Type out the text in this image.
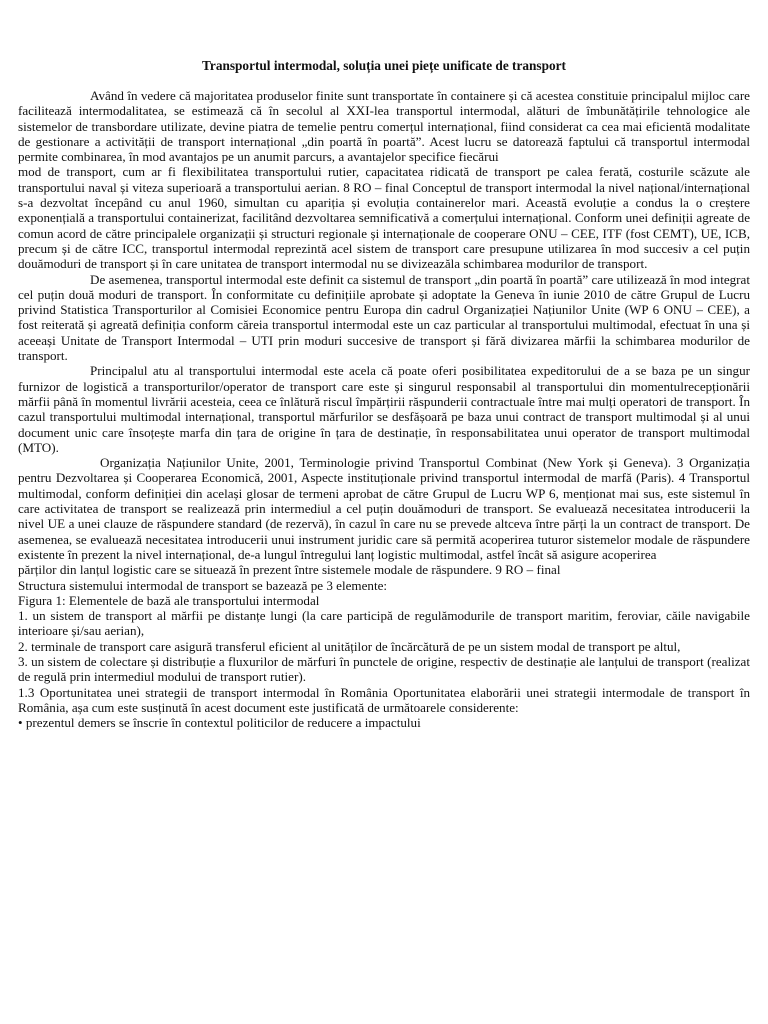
Transportul intermodal, soluția unei piețe unificate de transport

Având în vedere că majoritatea produselor finite sunt transportate în containere și că acestea constituie principalul mijloc care facilitează intermodalitatea, se estimează că în secolul al XXI-lea transportul intermodal, alături de îmbunătățirile tehnologice ale sistemelor de transbordare utilizate, devine piatra de temelie pentru comerțul internațional, fiind considerat ca cea mai eficientă modalitate de gestionare a activității de transport internațional „din poartă în poartă”. Acest lucru se datorează faptului că transportul intermodal permite combinarea, în mod avantajos pe un anumit parcurs, a avantajelor specifice fiecărui

mod de transport, cum ar fi flexibilitatea transportului rutier, capacitatea ridicată de transport pe calea ferată, costurile scăzute ale transportului naval și viteza superioară a transportului aerian. 8 RO – final Conceptul de transport intermodal la nivel național/internațional s-a dezvoltat începând cu anul 1960, simultan cu apariția și evoluția containerelor mari. Această evoluție a condus la o creștere exponențială a transportului containerizat, facilitând dezvoltarea semnificativă a comerțului internațional. Conform unei definiții agreate de comun acord de către principalele organizații și structuri regionale și internaționale de cooperare ONU – CEE, ITF (fost CEMT), UE, ICB, precum și de către ICC, transportul intermodal reprezintă acel sistem de transport care presupune utilizarea în mod succesiv a cel puțin douămoduri de transport și în care unitatea de transport intermodal nu se divizeazăla schimbarea modurilor de transport.

De asemenea, transportul intermodal este definit ca sistemul de transport „din poartă în poartă” care utilizează în mod integrat cel puțin două moduri de transport. În conformitate cu definițiile aprobate și adoptate la Geneva în iunie 2010 de către Grupul de Lucru privind Statistica Transporturilor al Comisiei Economice pentru Europa din cadrul Organizației Națiunilor Unite (WP 6 ONU – CEE), a fost reiterată și agreată definiția conform căreia transportul intermodal este un caz particular al transportului multimodal, efectuat în una și aceeași Unitate de Transport Intermodal – UTI prin moduri succesive de transport și fără divizarea mărfii la schimbarea modurilor de transport.

Principalul atu al transportului intermodal este acela că poate oferi posibilitatea expeditorului de a se baza pe un singur furnizor de logistică a transporturilor/operator de transport care este și singurul responsabil al transportului din momentulrecepționării mărfii până în momentul livrării acesteia, ceea ce înlătură riscul împărțirii răspunderii contractuale între mai mulți operatori de transport. În cazul transportului multimodal internațional, transportul mărfurilor se desfășoară pe baza unui contract de transport multimodal și al unui document unic care însoțește marfa din țara de origine în țara de destinație, în responsabilitatea unui operator de transport multimodal (MTO).

Organizația Națiunilor Unite, 2001, Terminologie privind Transportul Combinat (New York și Geneva). 3 Organizația pentru Dezvoltarea și Cooperarea Economică, 2001, Aspecte instituționale privind transportul intermodal de marfă (Paris). 4 Transportul multimodal, conform definiției din același glosar de termeni aprobat de către Grupul de Lucru WP 6, menționat mai sus, este sistemul în care activitatea de transport se realizează prin intermediul a cel puțin douămoduri de transport. Se evaluează necesitatea introducerii la nivel UE a unei clauze de răspundere standard (de rezervă), în cazul în care nu se prevede altceva între părți la un contract de transport. De asemenea, se evaluează necesitatea introducerii unui instrument juridic care să permită acoperirea tuturor sistemelor modale de răspundere existente în prezent la nivel internațional, de-a lungul întregului lanț logistic multimodal, astfel încât să asigure acoperirea

părților din lanțul logistic care se situează în prezent între sistemele modale de răspundere. 9 RO – final

Structura sistemului intermodal de transport se bazează pe 3 elemente:

Figura 1: Elementele de bază ale transportului intermodal

1. un sistem de transport al mărfii pe distanțe lungi (la care participă de regulămodurile de transport maritim, feroviar, căile navigabile interioare și/sau aerian),

2. terminale de transport care asigură transferul eficient al unităților de încărcătură de pe un sistem modal de transport pe altul,

3. un sistem de colectare și distribuție a fluxurilor de mărfuri în punctele de origine, respectiv de destinație ale lanțului de transport (realizat de regulă prin intermediul modului de transport rutier).

1.3 Oportunitatea unei strategii de transport intermodal în România Oportunitatea elaborării unei strategii intermodale de transport în România, așa cum este susținută în acest document este justificată de următoarele considerente:

• prezentul demers se înscrie în contextul politicilor de reducere a impactului
